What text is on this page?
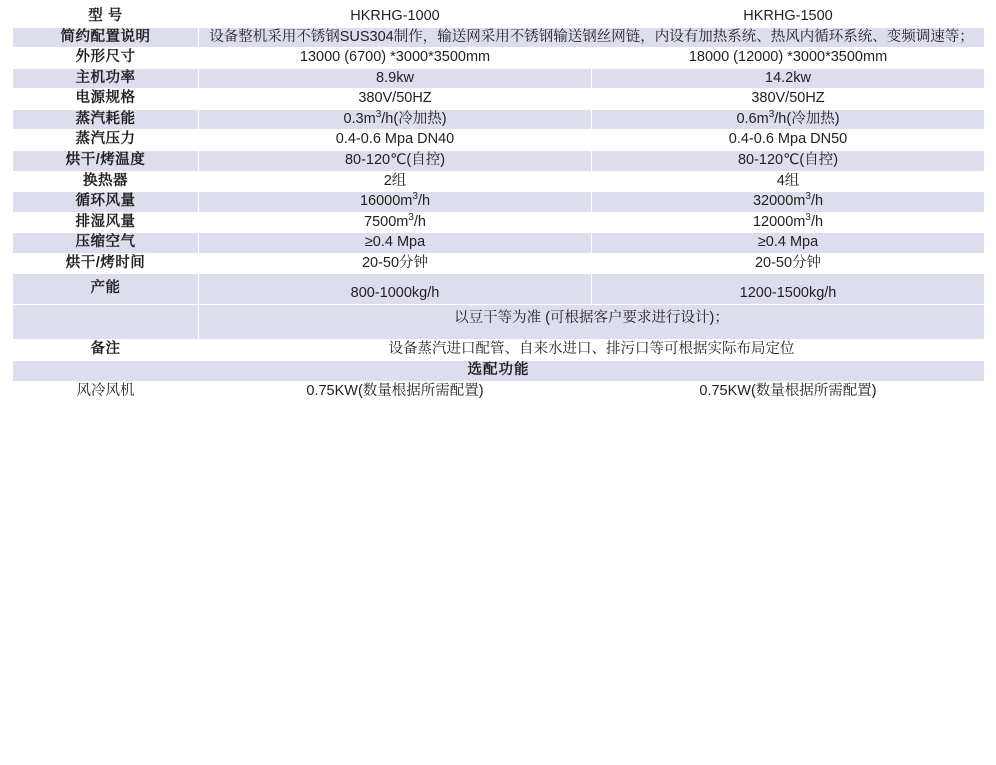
型 号	HKRHG-1000	HKRHG-1500
简约配置说明	设备整机采用不锈钢SUS304制作，输送网采用不锈钢输送钢丝网链，内设有加热系统、热风内循环系统、变频调速等；	
外形尺寸	13000 (6700) *3000*3500mm	18000 (12000) *3000*3500mm
主机功率	8.9kw	14.2kw
电源规格	380V/50HZ	380V/50HZ
蒸汽耗能	$0.3m^3/h$(冷加热)	$0.6m^3/h$(冷加热)
蒸汽压力	0.4-0.6 Mpa DN40	0.4-0.6 Mpa DN50
烘干/烤温度	80-120℃(自控)	80-120℃(自控)
换热器	2组	4组
循环风量	$16000m^3/h$	$32000m^3/h$
排湿风量	$7500m^3/h$	$12000m^3/h$
压缩空气	≥0.4 Mpa	≥0.4 Mpa
烘干/烤时间	20-50分钟	20-50分钟
产能	800-1000kg/h	1200-1500kg/h
	以豆干等为准 (可根据客户要求进行设计)；	
备注	设备蒸汽进口配管、自来水进口、排污口等可根据实际布局定位	
选配功能		
风冷风机	0.75KW(数量根据所需配置)	0.75KW(数量根据所需配置)
